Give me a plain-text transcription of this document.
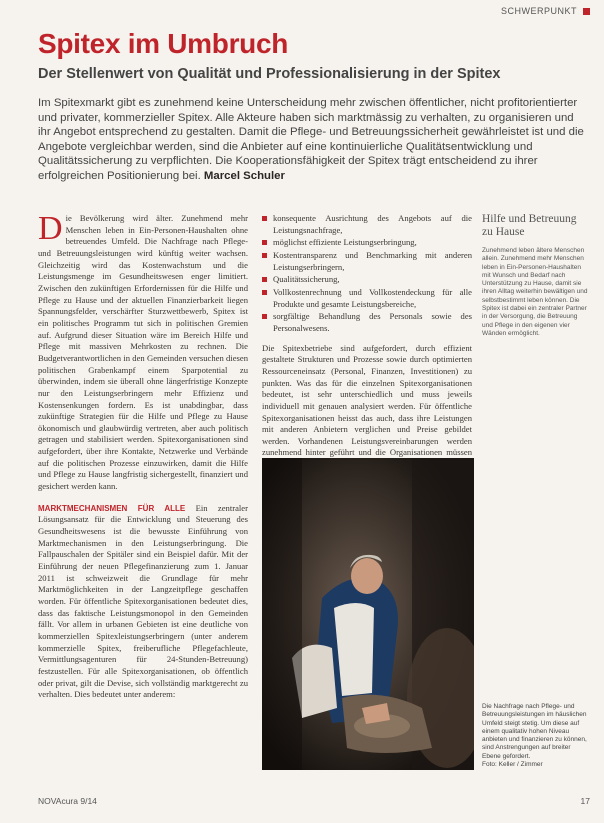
SCHWERPUNKT
Spitex im Umbruch
Der Stellenwert von Qualität und Professionalisierung in der Spitex
Im Spitexmarkt gibt es zunehmend keine Unterscheidung mehr zwischen öffentlicher, nicht profitorientierter und privater, kommerzieller Spitex. Alle Akteure haben sich marktmässig zu verhalten, zu organisieren und ihr Angebot entsprechend zu gestalten. Damit die Pflege- und Betreuungssicherheit gewährleistet ist und die Angebote vergleichbar werden, sind die Anbieter auf eine kontinuierliche Qualitätsentwicklung und Qualitätssicherung zu verpflichten. Die Kooperationsfähigkeit der Spitex trägt entscheidend zu ihrer erfolgreichen Positionierung bei. Marcel Schuler

Die Bevölkerung wird älter. Zunehmend mehr Menschen leben in Ein-Personen-Haushalten ohne betreuendes Umfeld. Die Nachfrage nach Pflege- und Betreuungsleistungen wird künftig weiter wachsen. Gleichzeitig wird das Kostenwachstum und die Leistungsmenge im Gesundheitswesen enger limitiert. Zwischen den zukünftigen Erfordernissen für die Hilfe und Pflege zu Hause und der aktuellen Finanzierbarkeit liegen Spannungsfelder, verschärfter Sturzwettbewerb, Spitex ist ein politisches Programm tut sich in politischen Gremien auf. Aufgrund dieser Situation wäre im Bereich Hilfe und Pflege mit massiven Mehrkosten zu rechnen. Die Budgetverantwortlichen in den Gemeinden versuchen diesen politischen Grabenkampf einem Sparpotential zu überwinden, indem sie überall ohne längerfristige Konzepte nur den Leistungserbringern mehr Effizienz und Kostensenkungen fordern. Es ist unabdingbar, dass zukünftige Strategien für die Hilfe und Pflege zu Hause ökonomisch und glaubwürdig vertreten, aber auch politisch getragen und stabilisiert werden. Spitexorganisationen sind aufgefordert, über ihre Kontakte, Netzwerke und Verbände auf die politischen Prozesse einzuwirken, damit die Hilfe und Pflege zu Hause langfristig sichergestellt, finanziert und gesichert werden kann.

MARKTMECHANISMEN FÜR ALLE Ein zentraler Lösungsansatz für die Entwicklung und Steuerung des Gesundheitswesens ist die bewusste Einführung von Marktmechanismen in den Leistungserbringung. Die Fallpauschalen der Spitäler sind ein Beispiel dafür. Mit der Einführung der neuen Pflegefinanzierung zum 1. Januar 2011 ist schweizweit die Grundlage für mehr Marktmöglichkeiten in der Langzeitpflege geschaffen worden. Für öffentliche Spitexorganisationen bedeutet dies, dass das faktische Leistungsmonopol in den Gemeinden fällt. Vor allem in urbanen Gebieten ist eine deutliche von kommerziellen Spitexleistungserbringern (unter anderem kommerzielle Spitex, freiberufliche Pflegefachleute, Vermittlungsagenturen für 24-Stunden-Betreuung) festzustellen. Für alle Spitexorganisationen, ob öffentlich oder privat, gilt die Devise, sich vollständig marktgerecht zu verhalten. Dies bedeutet unter anderem:

konsequente Ausrichtung des Angebots auf die Leistungsnachfrage,
möglichst effiziente Leistungserbringung,
Kostentransparenz und Benchmarking mit anderen Leistungserbringern,
Qualitätssicherung,
Vollkostenrechnung und Vollkostendeckung für alle Produkte und gesamte Leistungsbereiche,
sorgfältige Behandlung des Personals sowie des Personalwesens.

Die Spitexbetriebe sind aufgefordert, durch effizient gestaltete Strukturen und Prozesse sowie durch optimierten Ressourceneinsatz (Personal, Finanzen, Investitionen) zu punkten. Was das für die einzelnen Spitexorganisationen bedeutet, ist sehr unterschiedlich und muss jeweils individuell mit genauen analysiert werden. Für öffentliche Spitexorganisationen heisst das auch, dass ihre Leistungen mit anderen Anbietern verglichen und Preise gebildet werden. Vorhandenen Leistungsvereinbarungen werden zunehmend hinter geführt und die Organisationen müssen

Hilfe und Betreuung zu Hause
Zunehmend leben ältere Menschen allein. Zunehmend mehr Menschen leben in Ein-Personen-Haushalten mit Wunsch und Bedarf nach Unterstützung zu Hause, damit sie ihren Alltag weiterhin bewältigen und selbstbestimmt leben können. Die Spitex ist dabei ein zentraler Partner in der Versorgung, die Betreuung und Pflege in den eigenen vier Wänden ermöglicht.
Die Nachfrage nach Pflege- und Betreuungsleistungen im häuslichen Umfeld steigt stetig. Um diese auf einem qualitativ hohen Niveau anbieten und finanzieren zu können, sind Anstrengungen auf breiter Ebene gefordert.
Foto: Keller / Zimmer
NOVAcura 9/14	17
